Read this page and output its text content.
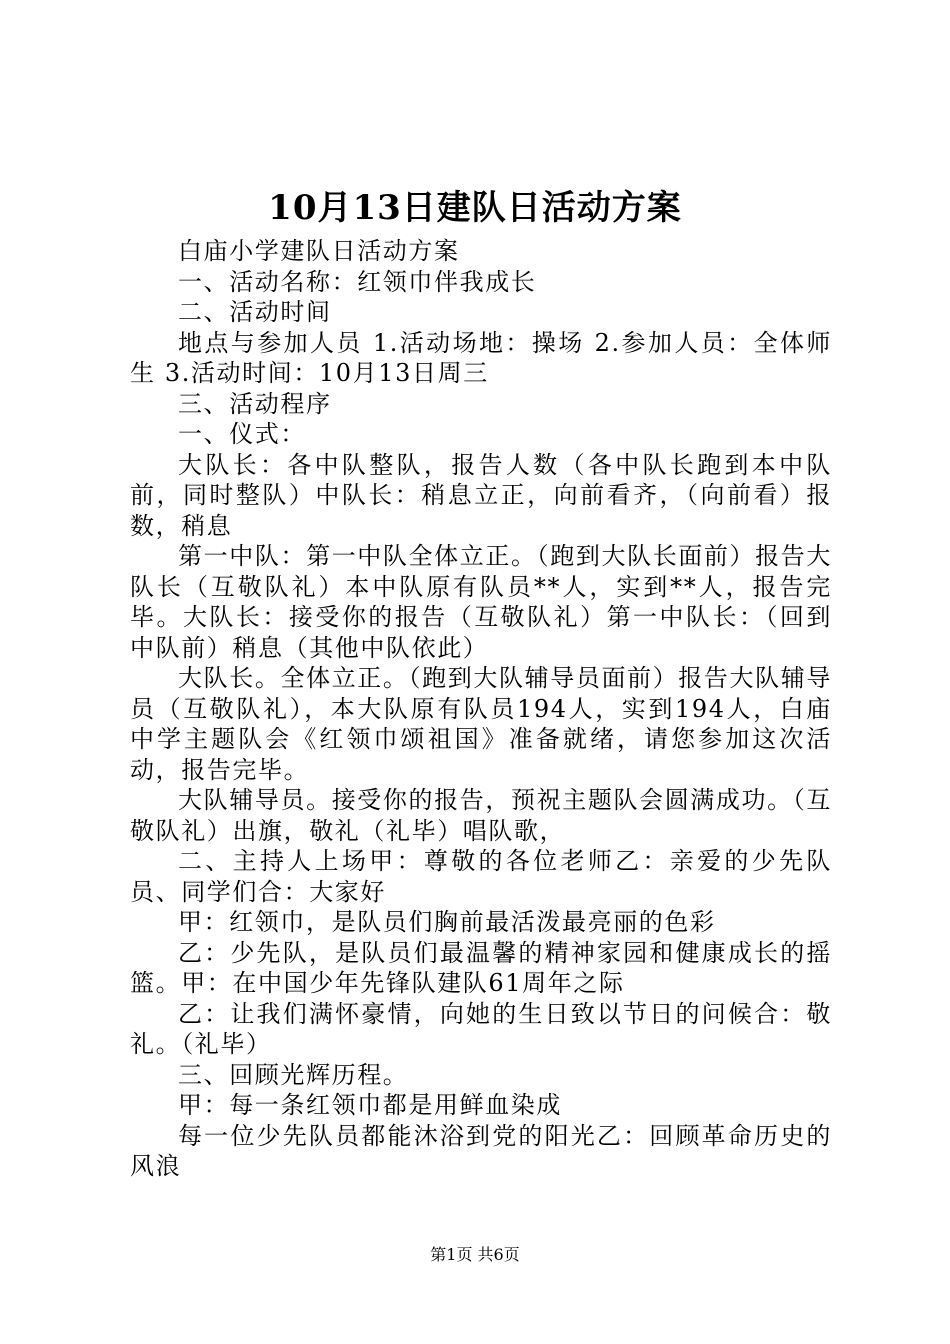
10月13日建队日活动方案

白庙小学建队日活动方案

一、活动名称：红领巾伴我成长

二、活动时间

地点与参加人员 1.活动场地：操场 2.参加人员：全体师生 3.活动时间：10月13日周三

三、活动程序

一、仪式：

大队长：各中队整队，报告人数（各中队长跑到本中队前，同时整队）中队长：稍息立正，向前看齐，（向前看）报数，稍息

第一中队：第一中队全体立正。（跑到大队长面前）报告大队长（互敬队礼）本中队原有队员**人，实到**人，报告完毕。大队长：接受你的报告（互敬队礼）第一中队长：（回到中队前）稍息（其他中队依此）

大队长。全体立正。（跑到大队辅导员面前）报告大队辅导员（互敬队礼），本大队原有队员194人，实到194人，白庙中学主题队会《红领巾颂祖国》准备就绪，请您参加这次活动，报告完毕。

大队辅导员。接受你的报告，预祝主题队会圆满成功。（互敬队礼）出旗，敬礼（礼毕）唱队歌，

二、主持人上场甲：尊敬的各位老师乙：亲爱的少先队员、同学们合：大家好

甲：红领巾，是队员们胸前最活泼最亮丽的色彩

乙：少先队，是队员们最温馨的精神家园和健康成长的摇篮。甲：在中国少年先锋队建队61周年之际

乙：让我们满怀豪情，向她的生日致以节日的问候合：敬礼。（礼毕）

三、回顾光辉历程。

甲：每一条红领巾都是用鲜血染成

每一位少先队员都能沐浴到党的阳光乙：回顾革命历史的风浪

第1页 共6页
